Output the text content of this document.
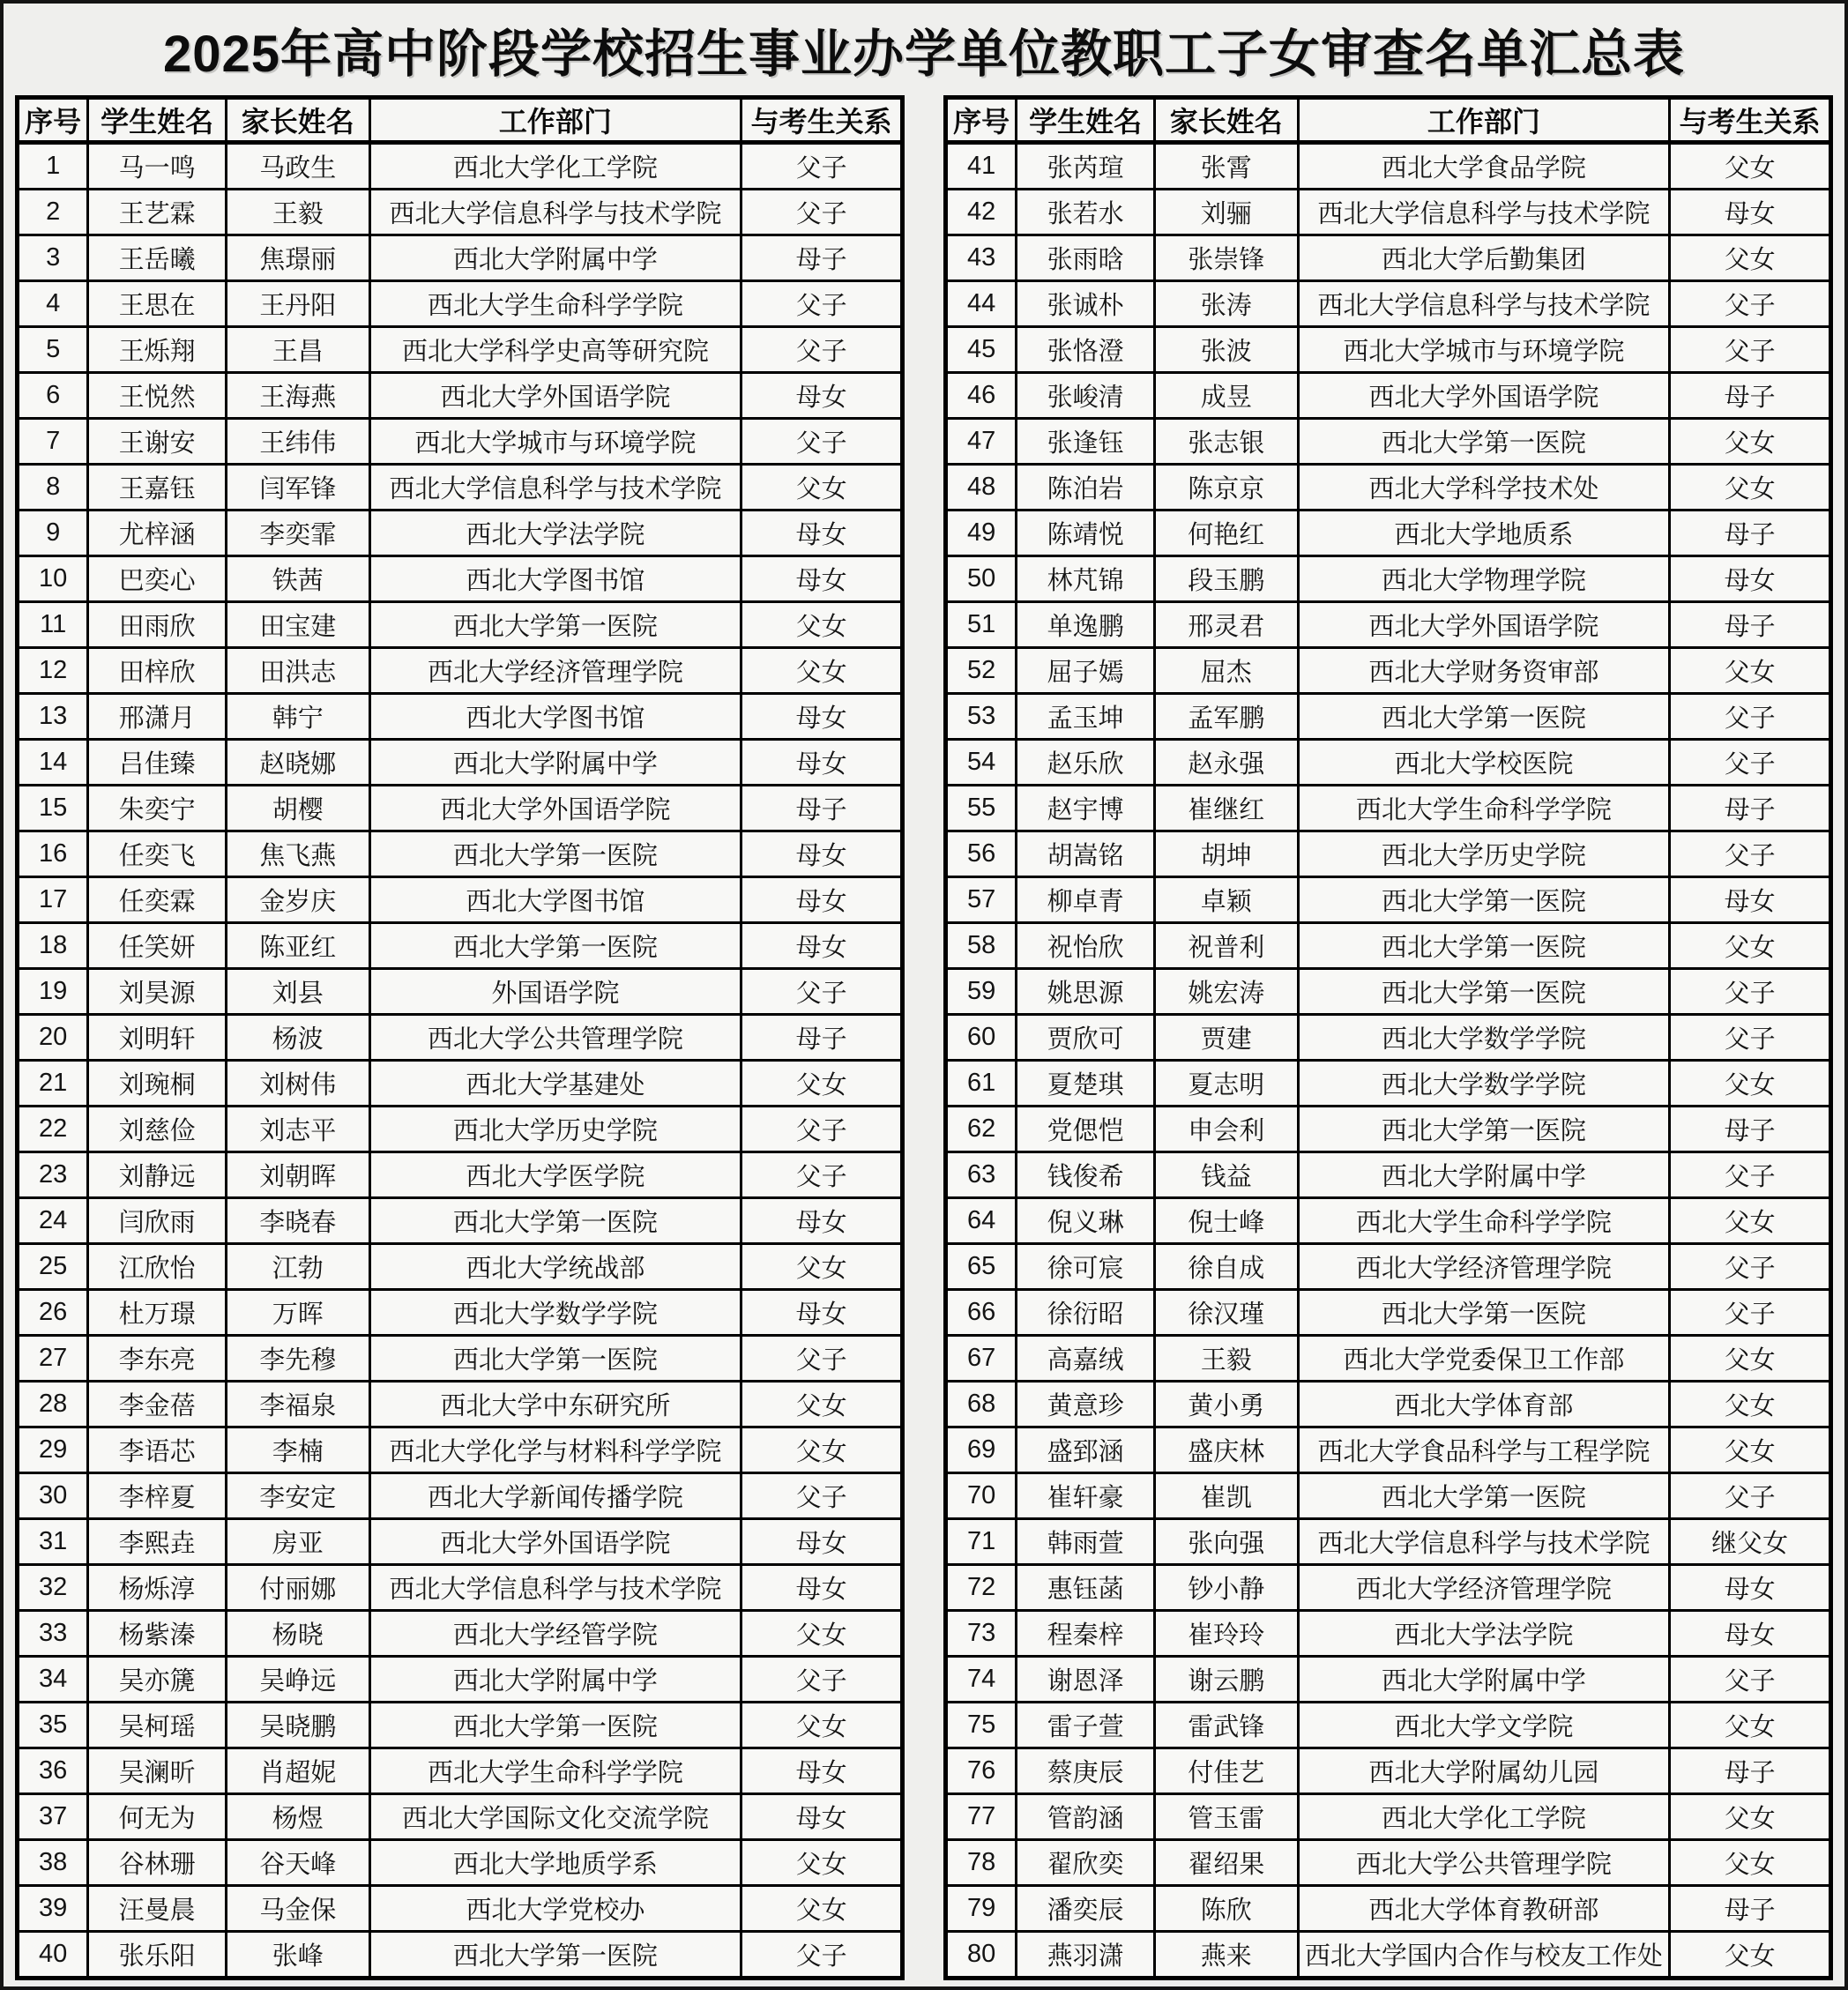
2025年高中阶段学校招生事业办学单位教职工子女审查名单汇总表
序号	学生姓名	家长姓名	工作部门	与考生关系
1	马一鸣	马政生	西北大学化工学院	父子
2	王艺霖	王毅	西北大学信息科学与技术学院	父子
3	王岳曦	焦璟丽	西北大学附属中学	母子
4	王思在	王丹阳	西北大学生命科学学院	父子
5	王烁翔	王昌	西北大学科学史高等研究院	父子
6	王悦然	王海燕	西北大学外国语学院	母女
7	王谢安	王纬伟	西北大学城市与环境学院	父子
8	王嘉钰	闫军锋	西北大学信息科学与技术学院	父女
9	尤梓涵	李奕霏	西北大学法学院	母女
10	巴奕心	铁茜	西北大学图书馆	母女
11	田雨欣	田宝建	西北大学第一医院	父女
12	田梓欣	田洪志	西北大学经济管理学院	父女
13	邢潇月	韩宁	西北大学图书馆	母女
14	吕佳臻	赵晓娜	西北大学附属中学	母女
15	朱奕宁	胡樱	西北大学外国语学院	母子
16	任奕飞	焦飞燕	西北大学第一医院	母女
17	任奕霖	金岁庆	西北大学图书馆	母女
18	任笑妍	陈亚红	西北大学第一医院	母女
19	刘昊源	刘县	外国语学院	父子
20	刘明轩	杨波	西北大学公共管理学院	母子
21	刘琬桐	刘树伟	西北大学基建处	父女
22	刘慈俭	刘志平	西北大学历史学院	父子
23	刘静远	刘朝晖	西北大学医学院	父子
24	闫欣雨	李晓春	西北大学第一医院	母女
25	江欣怡	江勃	西北大学统战部	父女
26	杜万璟	万晖	西北大学数学学院	母女
27	李东亮	李先穆	西北大学第一医院	父子
28	李金蓓	李福泉	西北大学中东研究所	父女
29	李语芯	李楠	西北大学化学与材料科学学院	父女
30	李梓夏	李安定	西北大学新闻传播学院	父子
31	李熙垚	房亚	西北大学外国语学院	母女
32	杨烁淳	付丽娜	西北大学信息科学与技术学院	母女
33	杨紫溱	杨晓	西北大学经管学院	父女
34	吴亦篪	吴峥远	西北大学附属中学	父子
35	吴柯瑶	吴晓鹏	西北大学第一医院	父女
36	吴澜昕	肖超妮	西北大学生命科学学院	母女
37	何无为	杨煜	西北大学国际文化交流学院	母女
38	谷林珊	谷天峰	西北大学地质学系	父女
39	汪曼晨	马金保	西北大学党校办	父女
40	张乐阳	张峰	西北大学第一医院	父子
序号	学生姓名	家长姓名	工作部门	与考生关系
41	张芮瑄	张霄	西北大学食品学院	父女
42	张若水	刘骊	西北大学信息科学与技术学院	母女
43	张雨晗	张崇锋	西北大学后勤集团	父女
44	张诚朴	张涛	西北大学信息科学与技术学院	父子
45	张恪澄	张波	西北大学城市与环境学院	父子
46	张峻清	成昱	西北大学外国语学院	母子
47	张逢钰	张志银	西北大学第一医院	父女
48	陈泊岩	陈京京	西北大学科学技术处	父女
49	陈靖悦	何艳红	西北大学地质系	母子
50	林芃锦	段玉鹏	西北大学物理学院	母女
51	单逸鹏	邢灵君	西北大学外国语学院	母子
52	屈子嫣	屈杰	西北大学财务资审部	父女
53	孟玉坤	孟军鹏	西北大学第一医院	父子
54	赵乐欣	赵永强	西北大学校医院	父子
55	赵宇博	崔继红	西北大学生命科学学院	母子
56	胡嵩铭	胡坤	西北大学历史学院	父子
57	柳卓青	卓颖	西北大学第一医院	母女
58	祝怡欣	祝普利	西北大学第一医院	父女
59	姚思源	姚宏涛	西北大学第一医院	父子
60	贾欣可	贾建	西北大学数学学院	父子
61	夏楚琪	夏志明	西北大学数学学院	父女
62	党偲恺	申会利	西北大学第一医院	母子
63	钱俊希	钱益	西北大学附属中学	父子
64	倪义琳	倪士峰	西北大学生命科学学院	父女
65	徐可宸	徐自成	西北大学经济管理学院	父子
66	徐衍昭	徐汉瑾	西北大学第一医院	父子
67	高嘉绒	王毅	西北大学党委保卫工作部	父女
68	黄意珍	黄小勇	西北大学体育部	父女
69	盛郅涵	盛庆林	西北大学食品科学与工程学院	父女
70	崔轩豪	崔凯	西北大学第一医院	父子
71	韩雨萱	张向强	西北大学信息科学与技术学院	继父女
72	惠钰菡	钞小静	西北大学经济管理学院	母女
73	程秦梓	崔玲玲	西北大学法学院	母女
74	谢恩泽	谢云鹏	西北大学附属中学	父子
75	雷子萱	雷武锋	西北大学文学院	父女
76	蔡庚辰	付佳艺	西北大学附属幼儿园	母子
77	管韵涵	管玉雷	西北大学化工学院	父女
78	翟欣奕	翟绍果	西北大学公共管理学院	父女
79	潘奕辰	陈欣	西北大学体育教研部	母子
80	燕羽潇	燕来	西北大学国内合作与校友工作处	父女
